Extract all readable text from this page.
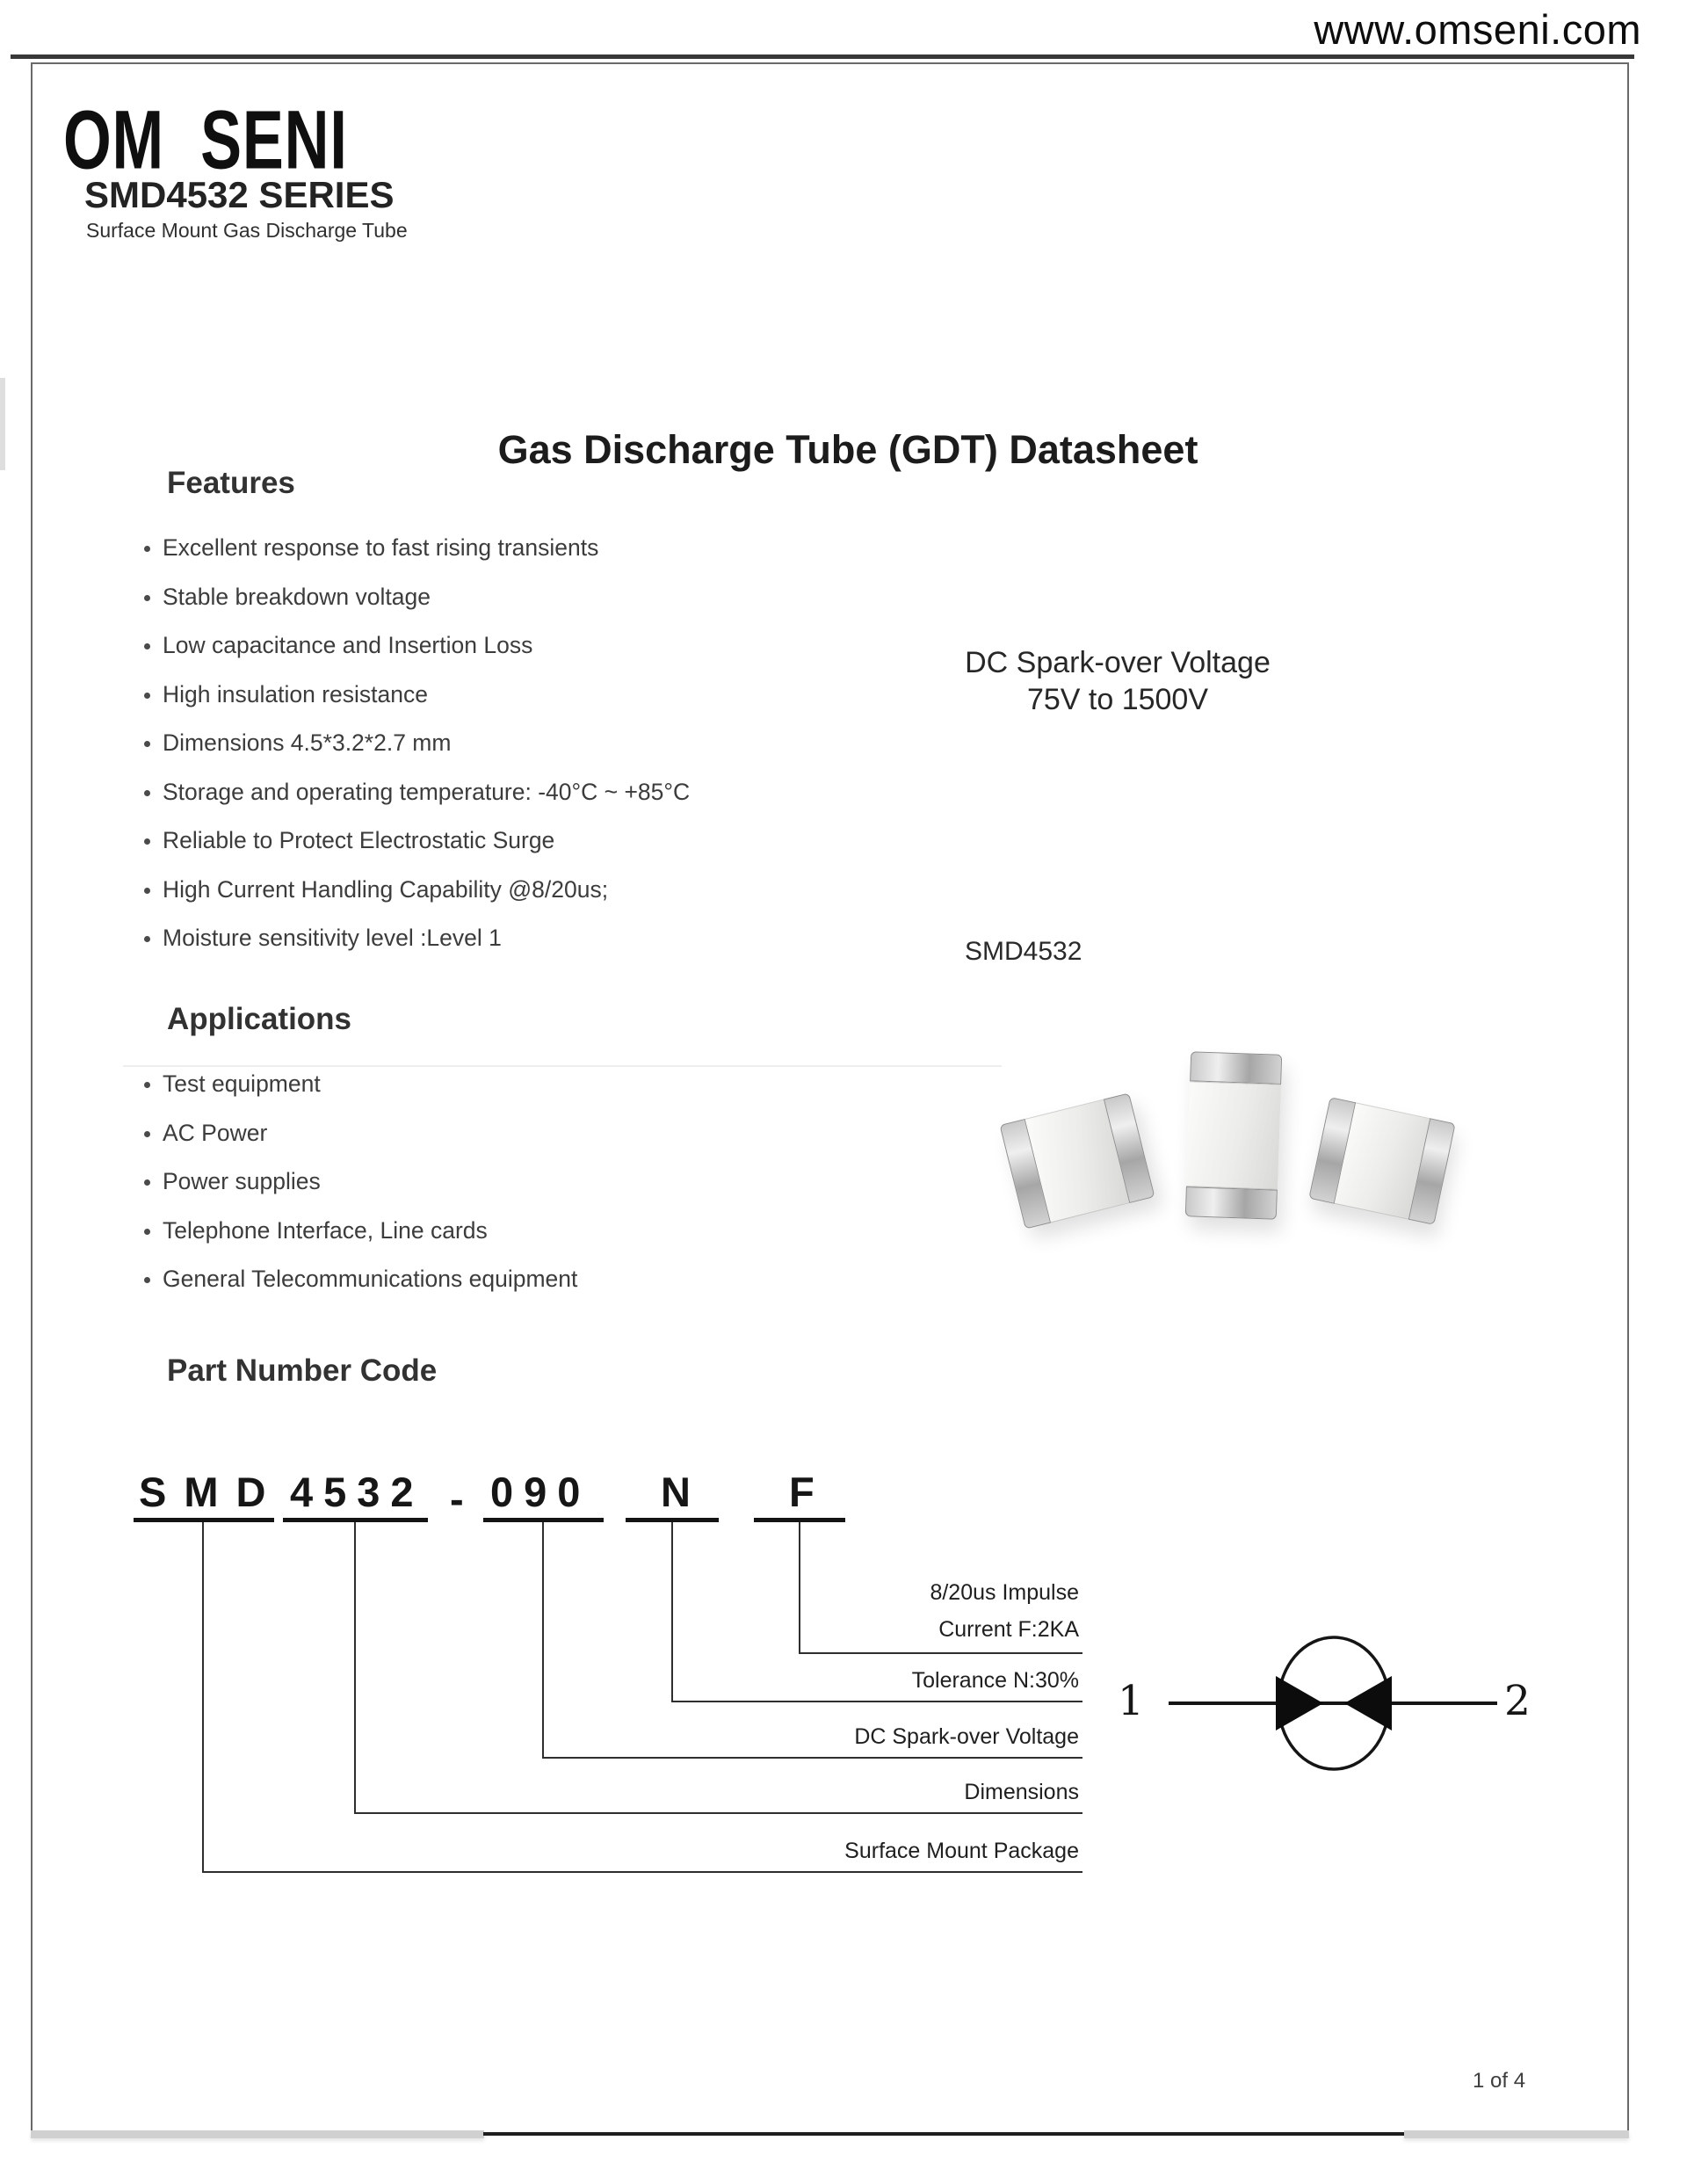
www.omseni.com
OM SENI
SMD4532 SERIES
Surface Mount Gas Discharge Tube
Gas Discharge Tube (GDT) Datasheet
Features
Excellent response to fast rising transients
Stable breakdown voltage
Low capacitance and Insertion Loss
High insulation resistance
Dimensions 4.5*3.2*2.7 mm
Storage and operating temperature: -40°C ~ +85°C
Reliable to Protect Electrostatic Surge
High Current Handling Capability @8/20us;
Moisture sensitivity level :Level 1
Applications
Test equipment
AC Power
Power supplies
Telephone Interface, Line cards
General Telecommunications equipment
DC Spark-over Voltage
75V to 1500V
SMD4532
Part Number Code
SMD 4532 - 090 N F
8/20us Impulse
Current F:2KA
Tolerance N:30%
DC Spark-over Voltage
Dimensions
Surface Mount Package
1	2
1 of 4
